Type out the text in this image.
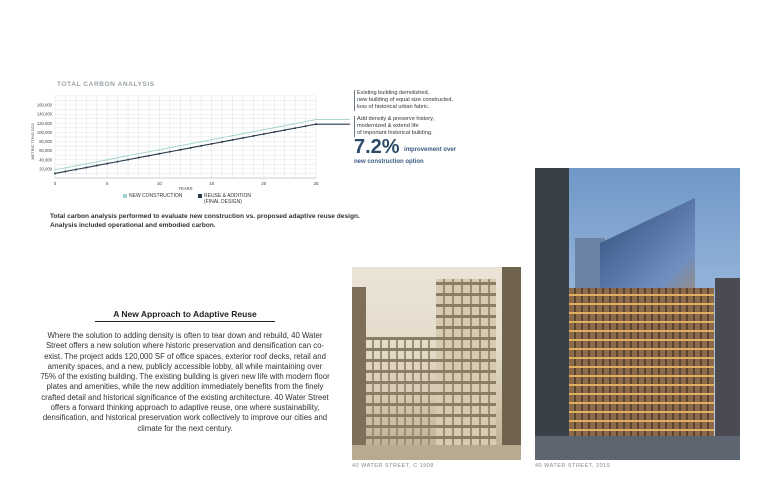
TOTAL CARBON ANALYSIS
20,000
40,000
60,000
80,000
100,000
120,000
140,000
160,000
0	5	10	15	20	25
YEARS
METRIC TONS CO2
NEW CONSTRUCTION	REUSE & ADDITION
(FINAL DESIGN)
Total carbon analysis performed to evaluate new construction vs. proposed adaptive reuse design.
Analysis included operational and embodied carbon.
Existing building demolished,
new building of equal size constructed,
loss of historical urban fabric.
Add density & preserve history,
modernized & extend life
of important historical building.
7.2% improvement over
new construction option
A New Approach to Adaptive Reuse
Where the solution to adding density is often to tear down and rebuild, 40 Water Street offers a new solution where historic preservation and densification can co-exist. The project adds 120,000 SF of office spaces, exterior roof decks, retail and amenity spaces, and a new, publicly accessible lobby, all while maintaining over 75% of the existing building. The existing building is given new life with modern floor plates and amenities, while the new addition immediately benefits from the finely crafted detail and historical significance of the existing architecture. 40 Water Street offers a forward thinking approach to adaptive reuse, one where sustainability, densification, and historical preservation work collectively to improve our cities and climate for the next century.
40 WATER STREET, C 1908	40 WATER STREET, 2019
